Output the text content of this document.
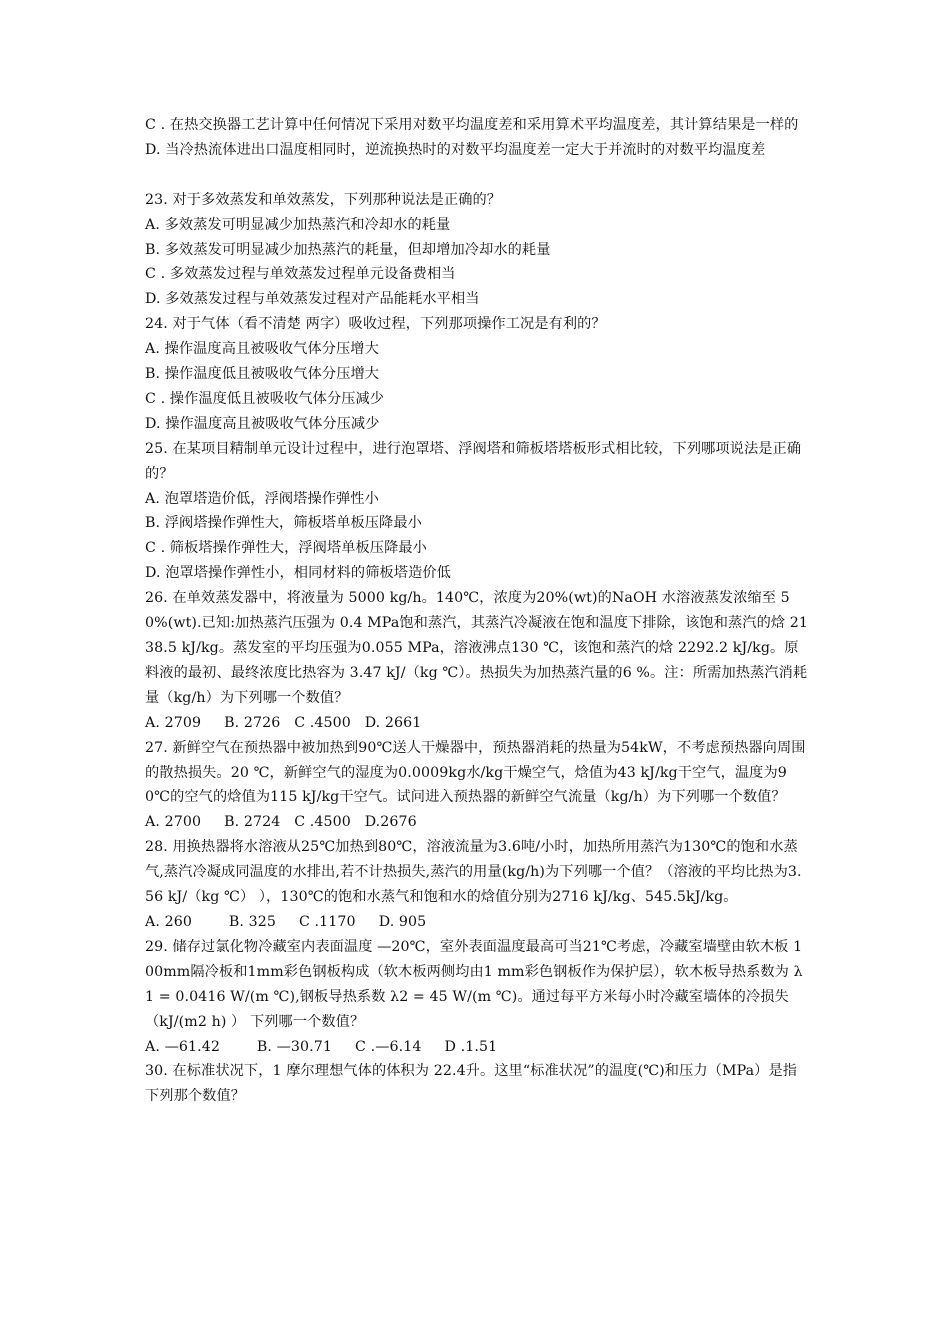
C . 在热交换器工艺计算中任何情况下采用对数平均温度差和采用算术平均温度差，其计算结果是一样的
D. 当冷热流体进出口温度相同时，逆流换热时的对数平均温度差一定大于并流时的对数平均温度差
23. 对于多效蒸发和单效蒸发，下列那种说法是正确的？
A. 多效蒸发可明显减少加热蒸汽和冷却水的耗量
B. 多效蒸发可明显减少加热蒸汽的耗量，但却增加冷却水的耗量
C . 多效蒸发过程与单效蒸发过程单元设备费相当
D. 多效蒸发过程与单效蒸发过程对产品能耗水平相当
24. 对于气体（看不清楚 两字）吸收过程，下列那项操作工况是有利的？
A. 操作温度高且被吸收气体分压增大
B. 操作温度低且被吸收气体分压增大
C . 操作温度低且被吸收气体分压减少
D. 操作温度高且被吸收气体分压减少
25. 在某项目精制单元设计过程中，进行泡罩塔、浮阀塔和筛板塔塔板形式相比较，下列哪项说法是正确的？
A. 泡罩塔造价低，浮阀塔操作弹性小
B. 浮阀塔操作弹性大，筛板塔单板压降最小
C . 筛板塔操作弹性大，浮阀塔单板压降最小
D. 泡罩塔操作弹性小，相同材料的筛板塔造价低
26. 在单效蒸发器中，将液量为 5000 kg/h。140℃，浓度为20%(wt)的NaOH 水溶液蒸发浓缩至 50%(wt).已知:加热蒸汽压强为 0.4 MPa饱和蒸汽，其蒸汽冷凝液在饱和温度下排除，该饱和蒸汽的焓 2138.5 kJ/kg。蒸发室的平均压强为0.055 MPa，溶液沸点130 ℃，该饱和蒸汽的焓 2292.2 kJ/kg。原料液的最初、最终浓度比热容为 3.47 kJ/（kg ℃）。热损失为加热蒸汽量的6 %。注：所需加热蒸汽消耗量（kg/h）为下列哪一个数值？
A. 2709     B. 2726   C .4500   D. 2661
27. 新鲜空气在预热器中被加热到90℃送人干燥器中，预热器消耗的热量为54kW，不考虑预热器向周围的散热损失。20 ℃，新鲜空气的湿度为0.0009kg水/kg干燥空气，焓值为43 kJ/kg干空气，温度为90℃的空气的焓值为115 kJ/kg干空气。试问进入预热器的新鲜空气流量（kg/h）为下列哪一个数值？
A. 2700     B. 2724   C .4500   D.2676
28. 用换热器将水溶液从25℃加热到80℃，溶液流量为3.6吨/小时，加热所用蒸汽为130℃的饱和水蒸气,蒸汽冷凝成同温度的水排出,若不计热损失,蒸汽的用量(kg/h)为下列哪一个值？（溶液的平均比热为3.56 kJ/（kg ℃） ），130℃的饱和水蒸气和饱和水的焓值分别为2716 kJ/kg、545.5kJ/kg。
A. 260        B. 325     C .1170     D. 905
29. 储存过氯化物冷藏室内表面温度 —20℃，室外表面温度最高可当21℃考虑，冷藏室墙壁由软木板 100mm隔冷板和1mm彩色钢板构成（软木板两侧均由1 mm彩色钢板作为保护层），软木板导热系数为 λ1 = 0.0416 W/(m ℃),钢板导热系数 λ2 = 45 W/(m ℃)。通过每平方米每小时冷藏室墙体的冷损失（kJ/(m2 h) ） 下列哪一个数值？
A. —61.42        B. —30.71     C .—6.14     D .1.51
30. 在标准状况下，1 摩尔理想气体的体积为 22.4升。这里“标准状况”的温度(℃)和压力（MPa）是指下列那个数值？
